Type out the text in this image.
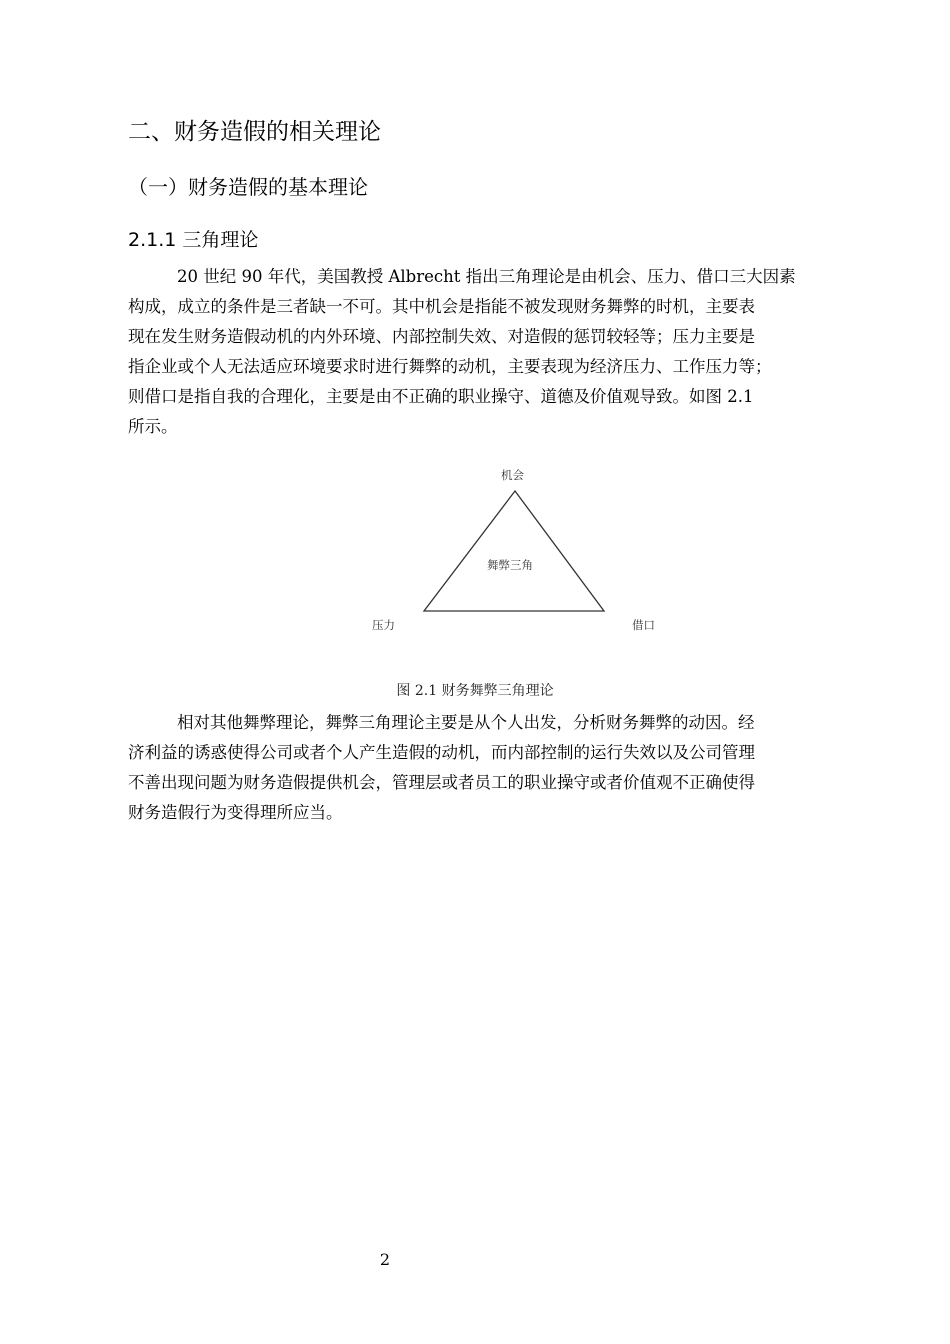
二、财务造假的相关理论
（一）财务造假的基本理论
2.1.1 三角理论
20 世纪 90 年代，美国教授 Albrecht 指出三角理论是由机会、压力、借口三大因素
构成，成立的条件是三者缺一不可。其中机会是指能不被发现财务舞弊的时机，主要表
现在发生财务造假动机的内外环境、内部控制失效、对造假的惩罚较轻等；压力主要是
指企业或个人无法适应环境要求时进行舞弊的动机，主要表现为经济压力、工作压力等；
则借口是指自我的合理化，主要是由不正确的职业操守、道德及价值观导致。如图 2.1
所示。
机会
舞弊三角
压力	借口
图 2.1 财务舞弊三角理论
相对其他舞弊理论，舞弊三角理论主要是从个人出发，分析财务舞弊的动因。经
济利益的诱惑使得公司或者个人产生造假的动机，而内部控制的运行失效以及公司管理
不善出现问题为财务造假提供机会，管理层或者员工的职业操守或者价值观不正确使得
财务造假行为变得理所应当。
2
